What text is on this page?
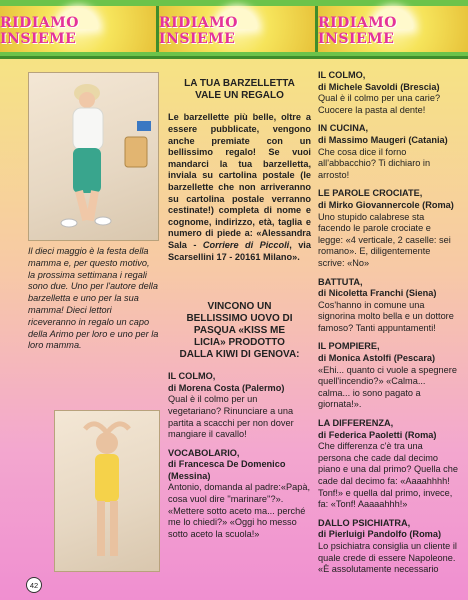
RIDIAMO INSIEME
RIDIAMO INSIEME
RIDIAMO INSIEME
Il dieci maggio è la festa della mamma e, per questo motivo, la prossima settimana i regali sono due. Uno per l'autore della barzelletta e uno per la sua mamma! Dieci lettori riceveranno in regalo un capo della Arimo per loro e uno per la loro mamma.
42
LA TUA BARZELLETTA VALE UN REGALO

Le barzellette più belle, oltre a essere pubblicate, vengono anche premiate con un bellissimo regalo! Se vuoi mandarci la tua barzelletta, inviala su cartolina postale (le barzellette che non arriveranno su cartolina postale verranno cestinate!) completa di nome e cognome, indirizzo, età, taglia e numero di piede a: «Alessandra Sala - Corriere di Piccoli, via Scarsellini 17 - 20161 Milano».

VINCONO UN BELLISSIMO UOVO DI PASQUA «KISS ME LICIA» PRODOTTO DALLA KIWI DI GENOVA:
IL COLMO,
di Morena Costa (Palermo)

Qual è il colmo per un vegetariano? Rinunciare a una partita a scacchi per non dover mangiare il cavallo!

VOCABOLARIO,
di Francesca De Domenico (Messina)

Antonio, domanda al padre:«Papà, cosa vuol dire ''marinare''?». «Mettere sotto aceto ma... perché me lo chiedi?» «Oggi ho messo sotto aceto la scuola!»

IL COLMO,
di Michele Savoldi (Brescia)

Qual è il colmo per una carie? Cuocere la pasta al dente!

IN CUCINA,
di Massimo Maugeri (Catania)

Che cosa dice il forno all'abbacchio? Ti dichiaro in arrosto!

LE PAROLE CROCIATE,
di Mirko Giovannercole (Roma)

Uno stupido calabrese sta facendo le parole crociate e legge: «4 verticale, 2 caselle: sei romano». E, diligentemente scrive: «No»

BATTUTA,
di Nicoletta Franchi (Siena)

Cos'hanno in comune una signorina molto bella e un dottore famoso? Tanti appuntamenti!

IL POMPIERE,
di Monica Astolfi (Pescara)

«Ehi... quanto ci vuole a spegnere quell'incendio?» «Calma... calma... io sono pagato a giornata!».

LA DIFFERENZA,
di Federica Paoletti (Roma)

Che differenza c'è tra una persona che cade dal decimo piano e una dal primo? Quella che cade dal decimo fa: «Aaaahhhh! Tonf!» e quella dal primo, invece, fa: «Tonf! Aaaaahhh!»

DALLO PSICHIATRA,
di Pierluigi Pandolfo (Roma)

Lo psichiatra consiglia un cliente il quale crede di essere Napoleone. «È assolutamente necessario
